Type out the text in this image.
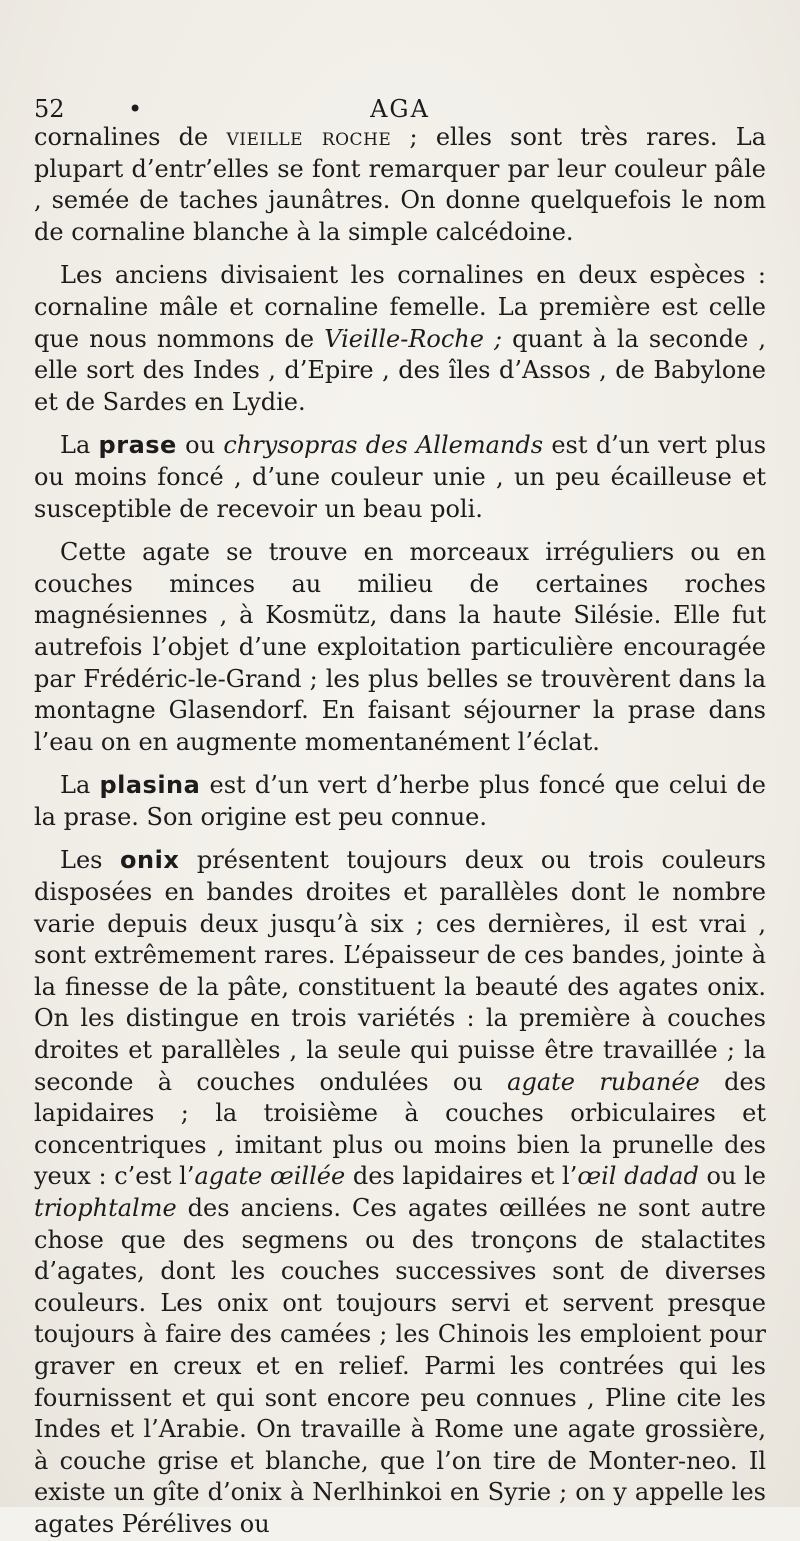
52	•	AGA

cornalines de vieille roche ; elles sont très rares. La plupart d’entr’elles se font remarquer par leur couleur pâle , semée de taches jaunâtres. On donne quelquefois le nom de cornaline blanche à la simple calcédoine.

Les anciens divisaient les cornalines en deux espèces : cornaline mâle et cornaline femelle. La première est celle que nous nommons de Vieille-Roche ; quant à la seconde , elle sort des Indes , d’Epire , des îles d’Assos , de Babylone et de Sardes en Lydie.

La prase ou chrysopras des Allemands est d’un vert plus ou moins foncé , d’une couleur unie , un peu écailleuse et susceptible de recevoir un beau poli.

Cette agate se trouve en morceaux irréguliers ou en couches minces au milieu de certaines roches magnésiennes , à Kosmütz, dans la haute Silésie. Elle fut autrefois l’objet d’une exploitation particulière encouragée par Frédéric-le-Grand ; les plus belles se trouvèrent dans la montagne Glasendorf. En faisant séjourner la prase dans l’eau on en augmente momentanément l’éclat.

La plasina est d’un vert d’herbe plus foncé que celui de la prase. Son origine est peu connue.

Les onix présentent toujours deux ou trois couleurs disposées en bandes droites et parallèles dont le nombre varie depuis deux jusqu’à six ; ces dernières, il est vrai , sont extrêmement rares. L’épaisseur de ces bandes, jointe à la finesse de la pâte, constituent la beauté des agates onix. On les distingue en trois variétés : la première à couches droites et parallèles , la seule qui puisse être travaillée ; la seconde à couches ondulées ou agate rubanée des lapidaires ; la troisième à couches orbiculaires et concentriques , imitant plus ou moins bien la prunelle des yeux : c’est l’agate œillée des lapidaires et l’œil dadad ou le triophtalme des anciens. Ces agates œillées ne sont autre chose que des segmens ou des tronçons de stalactites d’agates, dont les couches successives sont de diverses couleurs. Les onix ont toujours servi et servent presque toujours à faire des camées ; les Chinois les emploient pour graver en creux et en relief. Parmi les contrées qui les fournissent et qui sont encore peu connues , Pline cite les Indes et l’Arabie. On travaille à Rome une agate grossière, à couche grise et blanche, que l’on tire de Monter-neo. Il existe un gîte d’onix à Nerlhinkoi en Syrie ; on y appelle les agates Pérélives ou
